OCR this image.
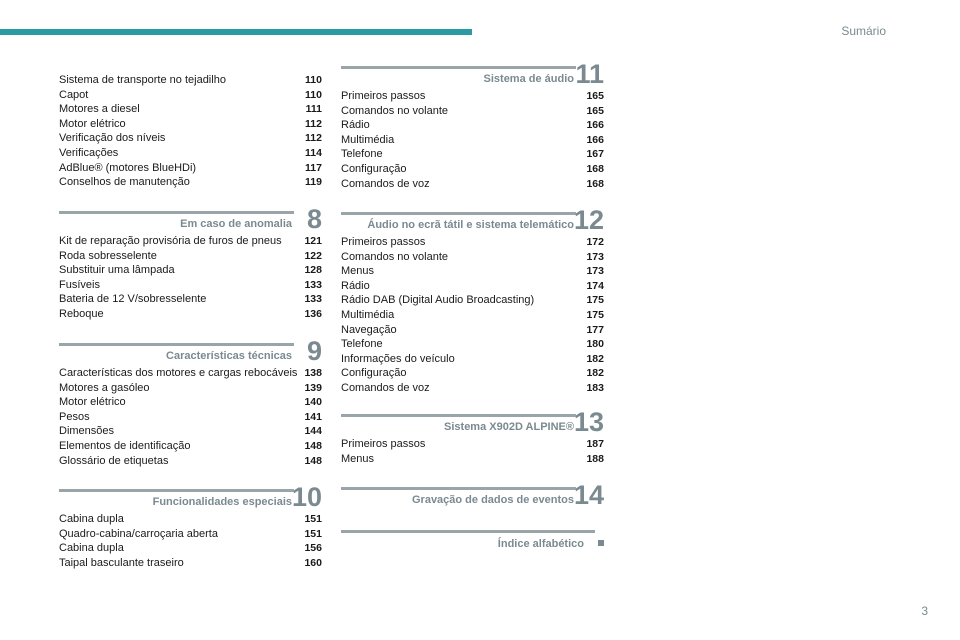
Sumário
Sistema de transporte no tejadilho	110
Capot	110
Motores a diesel	111
Motor elétrico	112
Verificação dos níveis	112
Verificações	114
AdBlue® (motores BlueHDi)	117
Conselhos de manutenção	119
Em caso de anomalia 8
Kit de reparação provisória de furos de pneus 121
Roda sobresselente	122
Substituir uma lâmpada	128
Fusíveis	133
Bateria de 12 V/sobresselente	133
Reboque	136
Características técnicas 9
Características dos motores e cargas rebocáveis 138
Motores a gasóleo	139
Motor elétrico	140
Pesos	141
Dimensões	144
Elementos de identificação	148
Glossário de etiquetas	148
Funcionalidades especiais 10
Cabina dupla	151
Quadro-cabina/carroçaria aberta	151
Cabina dupla	156
Taipal basculante traseiro	160
Sistema de áudio 11
Primeiros passos	165
Comandos no volante	165
Rádio	166
Multimédia	166
Telefone	167
Configuração	168
Comandos de voz	168
Áudio no ecrã tátil e sistema telemático 12
Primeiros passos	172
Comandos no volante	173
Menus	173
Rádio	174
Rádio DAB (Digital Audio Broadcasting)	175
Multimédia	175
Navegação	177
Telefone	180
Informações do veículo	182
Configuração	182
Comandos de voz	183
Sistema X902D ALPINE® 13
Primeiros passos	187
Menus	188
Gravação de dados de eventos 14
Índice alfabético
3
